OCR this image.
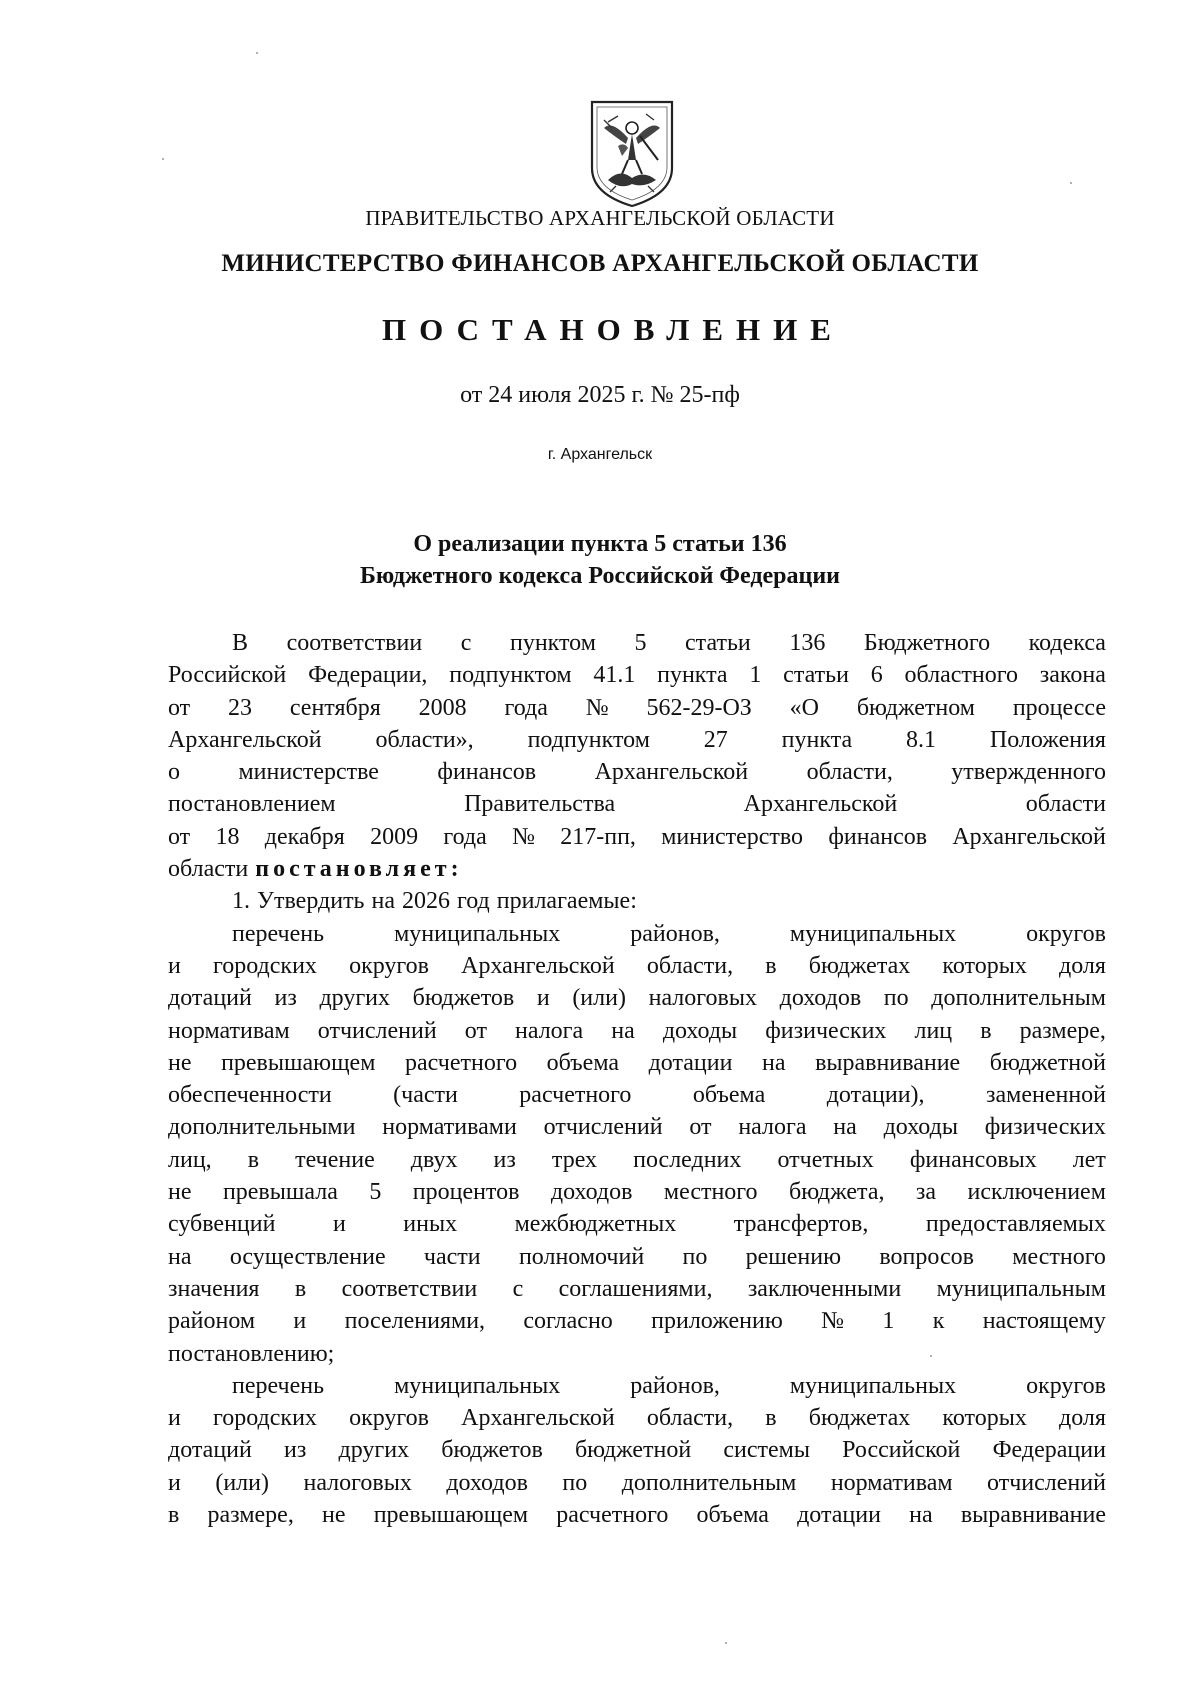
ПРАВИТЕЛЬСТВО АРХАНГЕЛЬСКОЙ ОБЛАСТИ
МИНИСТЕРСТВО ФИНАНСОВ АРХАНГЕЛЬСКОЙ ОБЛАСТИ
ПОСТАНОВЛЕНИЕ
от 24 июля 2025 г. № 25-пф
г. Архангельск
О реализации пункта 5 статьи 136
Бюджетного кодекса Российской Федерации
В соответствии с пунктом 5 статьи 136 Бюджетного кодекса
Российской Федерации, подпунктом 41.1 пункта 1 статьи 6 областного закона
от 23 сентября 2008 года № 562-29-ОЗ «О бюджетном процессе
Архангельской области», подпунктом 27 пункта 8.1 Положения
о министерстве финансов Архангельской области, утвержденного
постановлением	Правительства	Архангельской	области
от 18 декабря 2009 года № 217-пп, министерство финансов Архангельской
области постановляет:
1. Утвердить на 2026 год прилагаемые:
перечень	муниципальных	районов,	муниципальных	округов
и городских округов Архангельской области, в бюджетах которых доля
дотаций из других бюджетов и (или) налоговых доходов по дополнительным
нормативам отчислений от налога на доходы физических лиц в размере,
не превышающем расчетного объема дотации на выравнивание бюджетной
обеспеченности	(части	расчетного	объема	дотации),	замененной
дополнительными нормативами отчислений от налога на доходы физических
лиц, в течение двух из трех последних отчетных финансовых лет
не превышала 5 процентов доходов местного бюджета, за исключением
субвенций и иных межбюджетных трансфертов, предоставляемых
на осуществление части полномочий по решению вопросов местного
значения в соответствии с соглашениями, заключенными муниципальным
районом и поселениями, согласно приложению № 1 к настоящему
постановлению;
перечень	муниципальных	районов,	муниципальных	округов
и городских округов Архангельской области, в бюджетах которых доля
дотаций из других бюджетов бюджетной системы Российской Федерации
и (или) налоговых доходов по дополнительным нормативам отчислений
в размере, не превышающем расчетного объема дотации на выравнивание
